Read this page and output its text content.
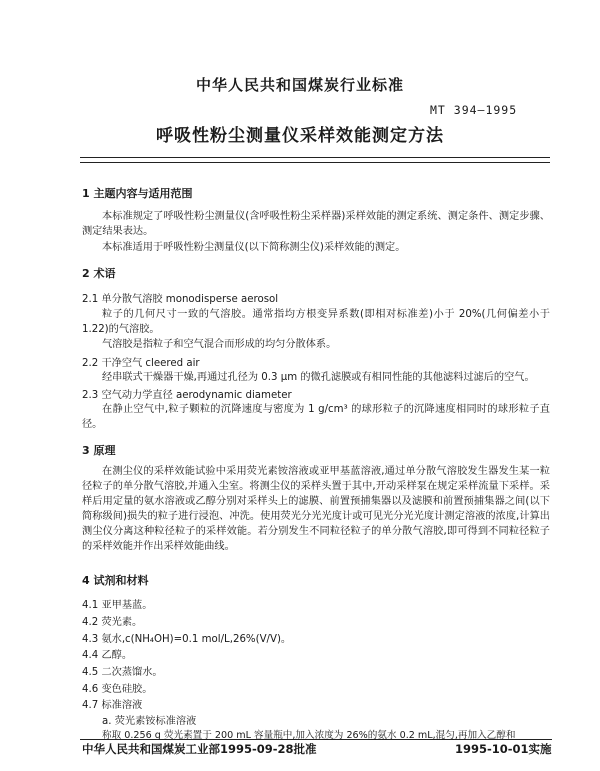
中华人民共和国煤炭行业标准
MT 394—1995
呼吸性粉尘测量仪采样效能测定方法
1 主题内容与适用范围
本标准规定了呼吸性粉尘测量仪(含呼吸性粉尘采样器)采样效能的测定系统、测定条件、测定步骤、测定结果表达。
本标准适用于呼吸性粉尘测量仪(以下简称测尘仪)采样效能的测定。
2 术语
2.1 单分散气溶胶 monodisperse aerosol
粒子的几何尺寸一致的气溶胶。通常指均方根变异系数(即相对标准差)小于 20%(几何偏差小于 1.22)的气溶胶。
气溶胶是指粒子和空气混合而形成的均匀分散体系。
2.2 干净空气 cleered air
经串联式干燥器干燥,再通过孔径为 0.3 μm 的微孔滤膜或有相同性能的其他滤料过滤后的空气。
2.3 空气动力学直径 aerodynamic diameter
在静止空气中,粒子颗粒的沉降速度与密度为 1 g/cm³ 的球形粒子的沉降速度相同时的球形粒子直径。
3 原理
在测尘仪的采样效能试验中采用荧光素铵溶液或亚甲基蓝溶液,通过单分散气溶胶发生器发生某一粒径粒子的单分散气溶胶,并通入尘室。将测尘仪的采样头置于其中,开动采样泵在规定采样流量下采样。采样后用定量的氨水溶液或乙醇分别对采样头上的滤膜、前置预捕集器以及滤膜和前置预捕集器之间(以下简称级间)损失的粒子进行浸泡、冲洗。使用荧光分光光度计或可见光分光光度计测定溶液的浓度,计算出测尘仪分离这种粒径粒子的采样效能。若分别发生不同粒径粒子的单分散气溶胶,即可得到不同粒径粒子的采样效能并作出采样效能曲线。
4 试剂和材料
4.1 亚甲基蓝。
4.2 荧光素。
4.3 氨水,c(NH₄OH)=0.1 mol/L,26%(V/V)。
4.4 乙醇。
4.5 二次蒸馏水。
4.6 变色硅胶。
4.7 标准溶液
a. 荧光素铵标准溶液
称取 0.256 g 荧光素置于 200 mL 容量瓶中,加入浓度为 26%的氨水 0.2 mL,混匀,再加入乙醇和
中华人民共和国煤炭工业部1995-09-28批准	1995-10-01实施
